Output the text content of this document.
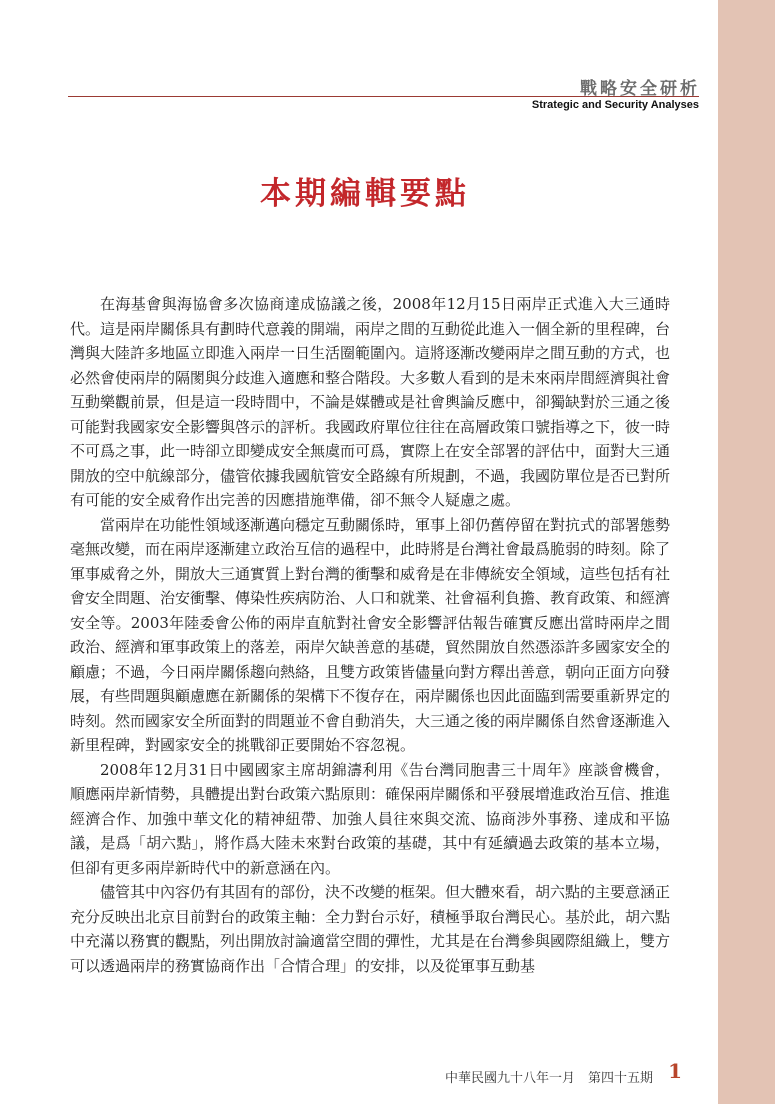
戰略安全研析
Strategic and Security Analyses
本期編輯要點

在海基會與海協會多次協商達成協議之後，2008年12月15日兩岸正式進入大三通時代。這是兩岸關係具有劃時代意義的開端，兩岸之間的互動從此進入一個全新的里程碑，台灣與大陸許多地區立即進入兩岸一日生活圈範圍內。這將逐漸改變兩岸之間互動的方式，也必然會使兩岸的隔閡與分歧進入適應和整合階段。大多數人看到的是未來兩岸間經濟與社會互動樂觀前景，但是這一段時間中，不論是媒體或是社會輿論反應中，卻獨缺對於三通之後可能對我國家安全影響與啓示的評析。我國政府單位往往在高層政策口號指導之下，彼一時不可爲之事，此一時卻立即變成安全無虞而可爲，實際上在安全部署的評估中，面對大三通開放的空中航線部分，儘管依據我國航管安全路線有所規劃，不過，我國防單位是否已對所有可能的安全威脅作出完善的因應措施準備，卻不無令人疑慮之處。

當兩岸在功能性領域逐漸邁向穩定互動關係時，軍事上卻仍舊停留在對抗式的部署態勢毫無改變，而在兩岸逐漸建立政治互信的過程中，此時將是台灣社會最爲脆弱的時刻。除了軍事威脅之外，開放大三通實質上對台灣的衝擊和威脅是在非傳統安全領域，這些包括有社會安全問題、治安衝擊、傳染性疾病防治、人口和就業、社會福利負擔、教育政策、和經濟安全等。2003年陸委會公佈的兩岸直航對社會安全影響評估報告確實反應出當時兩岸之間政治、經濟和軍事政策上的落差，兩岸欠缺善意的基礎，貿然開放自然憑添許多國家安全的顧慮；不過，今日兩岸關係趨向熱絡，且雙方政策皆儘量向對方釋出善意，朝向正面方向發展，有些問題與顧慮應在新關係的架構下不復存在，兩岸關係也因此面臨到需要重新界定的時刻。然而國家安全所面對的問題並不會自動消失，大三通之後的兩岸關係自然會逐漸進入新里程碑，對國家安全的挑戰卻正要開始不容忽視。

2008年12月31日中國國家主席胡錦濤利用《告台灣同胞書三十周年》座談會機會，順應兩岸新情勢，具體提出對台政策六點原則：確保兩岸關係和平發展增進政治互信、推進經濟合作、加強中華文化的精神紐帶、加強人員往來與交流、協商涉外事務、達成和平協議，是爲「胡六點」，將作爲大陸未來對台政策的基礎，其中有延續過去政策的基本立場，但卻有更多兩岸新時代中的新意涵在內。

儘管其中內容仍有其固有的部份，決不改變的框架。但大體來看，胡六點的主要意涵正充分反映出北京目前對台的政策主軸：全力對台示好，積極爭取台灣民心。基於此，胡六點中充滿以務實的觀點，列出開放討論適當空間的彈性，尤其是在台灣參與國際組織上，雙方可以透過兩岸的務實協商作出「合情合理」的安排，以及從軍事互動基

中華民國九十八年一月　第四十五期 1
